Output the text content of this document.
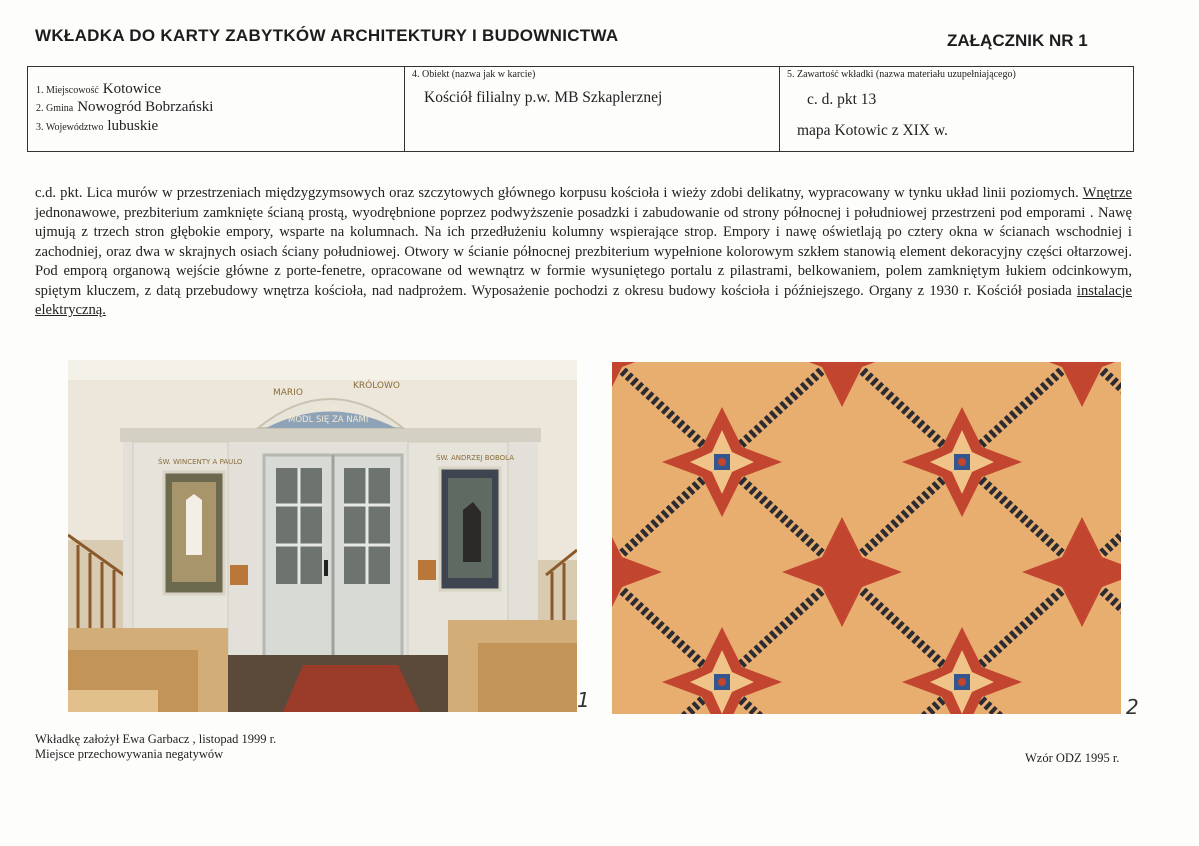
WKŁADKA DO KARTY ZABYTKÓW ARCHITEKTURY I BUDOWNICTWA	ZAŁĄCZNIK NR 1
1. Miejscowość Kotowice
2. Gmina Nowogród Bobrzański
3. Województwo lubuskie
4. Obiekt (nazwa jak w karcie)
Kościół filialny p.w. MB Szkaplerznej
5. Zawartość wkładki (nazwa materiału uzupełniającego)
c. d. pkt 13
mapa Kotowic z XIX w.
c.d. pkt. Lica murów w przestrzeniach międzygzymsowych oraz szczytowych głównego korpusu kościoła i wieży zdobi delikatny, wypracowany w tynku układ linii poziomych. Wnętrze jednonawowe, prezbiterium zamknięte ścianą prostą, wyodrębnione poprzez podwyższenie posadzki i zabudowanie od strony północnej i południowej przestrzeni pod emporami . Nawę ujmują z trzech stron głębokie empory, wsparte na kolumnach. Na ich przedłużeniu kolumny wspierające strop. Empory i nawę oświetlają po cztery okna w ścianach wschodniej i zachodniej, oraz dwa w skrajnych osiach ściany południowej. Otwory w ścianie północnej prezbiterium wypełnione kolorowym szkłem stanowią element dekoracyjny części ołtarzowej. Pod emporą organową wejście główne z porte-fenetre, opracowane od wewnątrz w formie wysuniętego portalu z pilastrami, belkowaniem, polem zamkniętym łukiem odcinkowym, spiętym kluczem, z datą przebudowy wnętrza kościoła, nad nadprożem. Wyposażenie pochodzi z okresu budowy kościoła i późniejszego. Organy z 1930 r. Kościół posiada instalacje elektryczną.
MARIO
KRÓLOWO
POLSKI
MÓDL SIĘ ZA NAMI
ŚW. WINCENTY A PAULO	ŚW. ANDRZEJ BOBOLA
1	2
Wkładkę założył Ewa Garbacz , listopad 1999 r.
Miejsce przechowywania negatywów	Wzór ODZ 1995 r.
